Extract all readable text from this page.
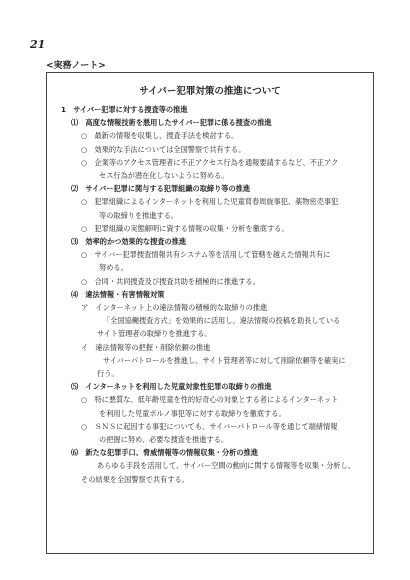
21
<実務ノート>
サイバー犯罪対策の推進について
1　サイバー犯罪に対する捜査等の推進
⑴　高度な情報技術を悪用したサイバー犯罪に係る捜査の推進
○　最新の情報を収集し、捜査手法を検討する。
○　効果的な手法については全国警察で共有する。
○　企業等のアクセス管理者に不正アクセス行為を通報要請するなど、不正アク
セス行為が潜在化しないように努める。
⑵　サイバー犯罪に関与する犯罪組織の取締り等の推進
○　犯罪組織によるインターネットを利用した児童買春周旋事犯、薬物密売事犯
等の取締りを推進する。
○　犯罪組織の実態解明に資する情報の収集・分析を徹底する。
⑶　効率的かつ効果的な捜査の推進
○　サイバー犯罪捜査情報共有システム等を活用して管轄を越えた情報共有に
努める。
○　合同・共同捜査及び捜査共助を積極的に推進する。
⑷　違法情報・有害情報対策
ア　インターネット上の違法情報の積極的な取締りの推進
「全国協働捜査方式」を効果的に活用し、違法情報の投稿を助長している
サイト管理者の取締りを推進する。
イ　違法情報等の把握・削除依頼の推進
サイバーパトロールを推進し、サイト管理者等に対して削除依頼等を確実に
行う。
⑸　インターネットを利用した児童対象性犯罪の取締りの推進
○　特に悪質な、低年齢児童を性的好奇心の対象とする者によるインターネット
を利用した児童ポルノ事犯等に対する取締りを徹底する。
○　ＳＮＳに起因する事犯についても、サイバーパトロール等を通じて端緒情報
の把握に努め、必要な捜査を推進する。
⑹　新たな犯罪手口、脅威情報等の情報収集・分析の推進
あらゆる手段を活用して、サイバー空間の動向に関する情報等を収集・分析し、
その結果を全国警察で共有する。
